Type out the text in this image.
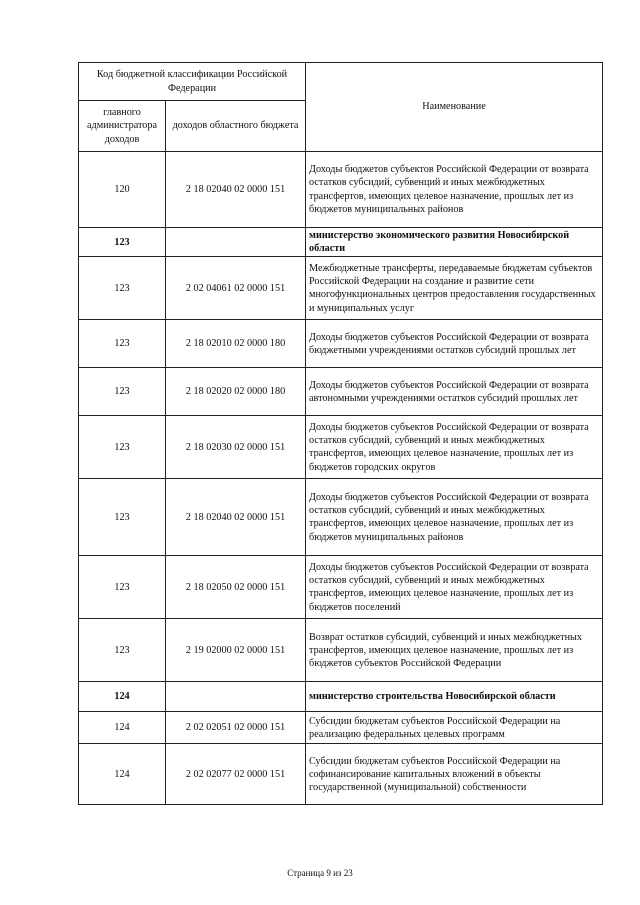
Код бюджетной классификации Российской Федерации		Наименование
главного администратора доходов	доходов областного бюджета	
120	2 18 02040 02 0000 151	Доходы бюджетов субъектов Российской Федерации от возврата остатков субсидий, субвенций и иных межбюджетных трансфертов, имеющих целевое назначение, прошлых лет из бюджетов муниципальных районов
123		министерство экономического развития Новосибирской области
123	2 02 04061 02 0000 151	Межбюджетные трансферты, передаваемые бюджетам субъектов Российской Федерации на создание и развитие сети многофункциональных центров предоставления государственных и муниципальных услуг
123	2 18 02010 02 0000 180	Доходы бюджетов субъектов Российской Федерации от возврата бюджетными учреждениями остатков субсидий прошлых лет
123	2 18 02020 02 0000 180	Доходы бюджетов субъектов Российской Федерации от возврата автономными учреждениями остатков субсидий прошлых лет
123	2 18 02030 02 0000 151	Доходы бюджетов субъектов Российской Федерации от возврата остатков субсидий, субвенций и иных межбюджетных трансфертов, имеющих целевое назначение, прошлых лет из бюджетов городских округов
123	2 18 02040 02 0000 151	Доходы бюджетов субъектов Российской Федерации от возврата остатков субсидий, субвенций и иных межбюджетных трансфертов, имеющих целевое назначение, прошлых лет из бюджетов муниципальных районов
123	2 18 02050 02 0000 151	Доходы бюджетов субъектов Российской Федерации от возврата остатков субсидий, субвенций и иных межбюджетных трансфертов, имеющих целевое назначение, прошлых лет из бюджетов поселений
123	2 19 02000 02 0000 151	Возврат остатков субсидий, субвенций и иных межбюджетных трансфертов, имеющих целевое назначение, прошлых лет из бюджетов субъектов Российской Федерации
124		министерство строительства Новосибирской области
124	2 02 02051 02 0000 151	Субсидии бюджетам субъектов Российской Федерации на реализацию федеральных целевых программ
124	2 02 02077 02 0000 151	Субсидии бюджетам субъектов Российской Федерации на софинансирование капитальных вложений в объекты государственной (муниципальной) собственности
Страница 9 из 23
